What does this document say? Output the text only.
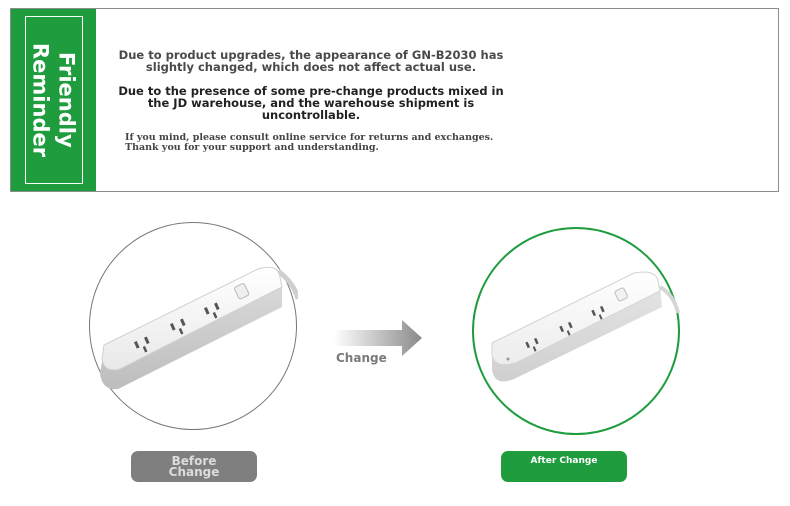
Friendly
Reminder	Due to product upgrades, the appearance of GN-B2030 has slightly changed, which does not affect actual use.

Due to the presence of some pre-change products mixed in the JD warehouse, and the warehouse shipment is uncontrollable.

If you mind, please consult online service for returns and exchanges. Thank you for your support and understanding.

Change
Before
Change
After Change
